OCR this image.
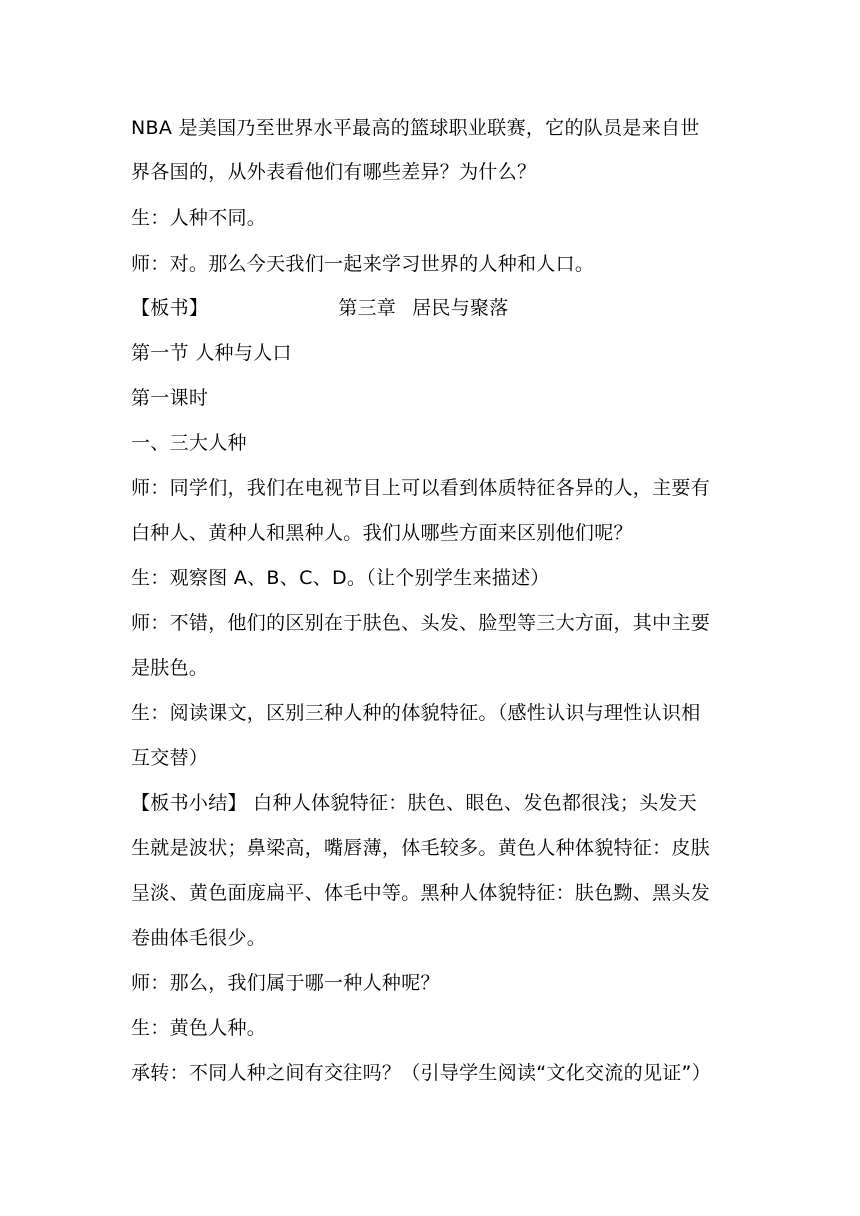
NBA 是美国乃至世界水平最高的篮球职业联赛，它的队员是来自世
界各国的，从外表看他们有哪些差异？为什么？
生：人种不同。
师：对。那么今天我们一起来学习世界的人种和人口。
【板书】	第三章 居民与聚落
第一节 人种与人口
第一课时
一、三大人种
师：同学们，我们在电视节目上可以看到体质特征各异的人，主要有
白种人、黄种人和黑种人。我们从哪些方面来区别他们呢？
生：观察图 A、B、C、D。（让个别学生来描述）
师：不错，他们的区别在于肤色、头发、脸型等三大方面，其中主要
是肤色。
生：阅读课文，区别三种人种的体貌特征。（感性认识与理性认识相
互交替）
【板书小结】 白种人体貌特征：肤色、眼色、发色都很浅；头发天
生就是波状；鼻梁高，嘴唇薄，体毛较多。黄色人种体貌特征：皮肤
呈淡、黄色面庞扁平、体毛中等。黑种人体貌特征：肤色黝、黑头发
卷曲体毛很少。
师：那么，我们属于哪一种人种呢？
生：黄色人种。
承转：不同人种之间有交往吗？（引导学生阅读“文化交流的见证”）
